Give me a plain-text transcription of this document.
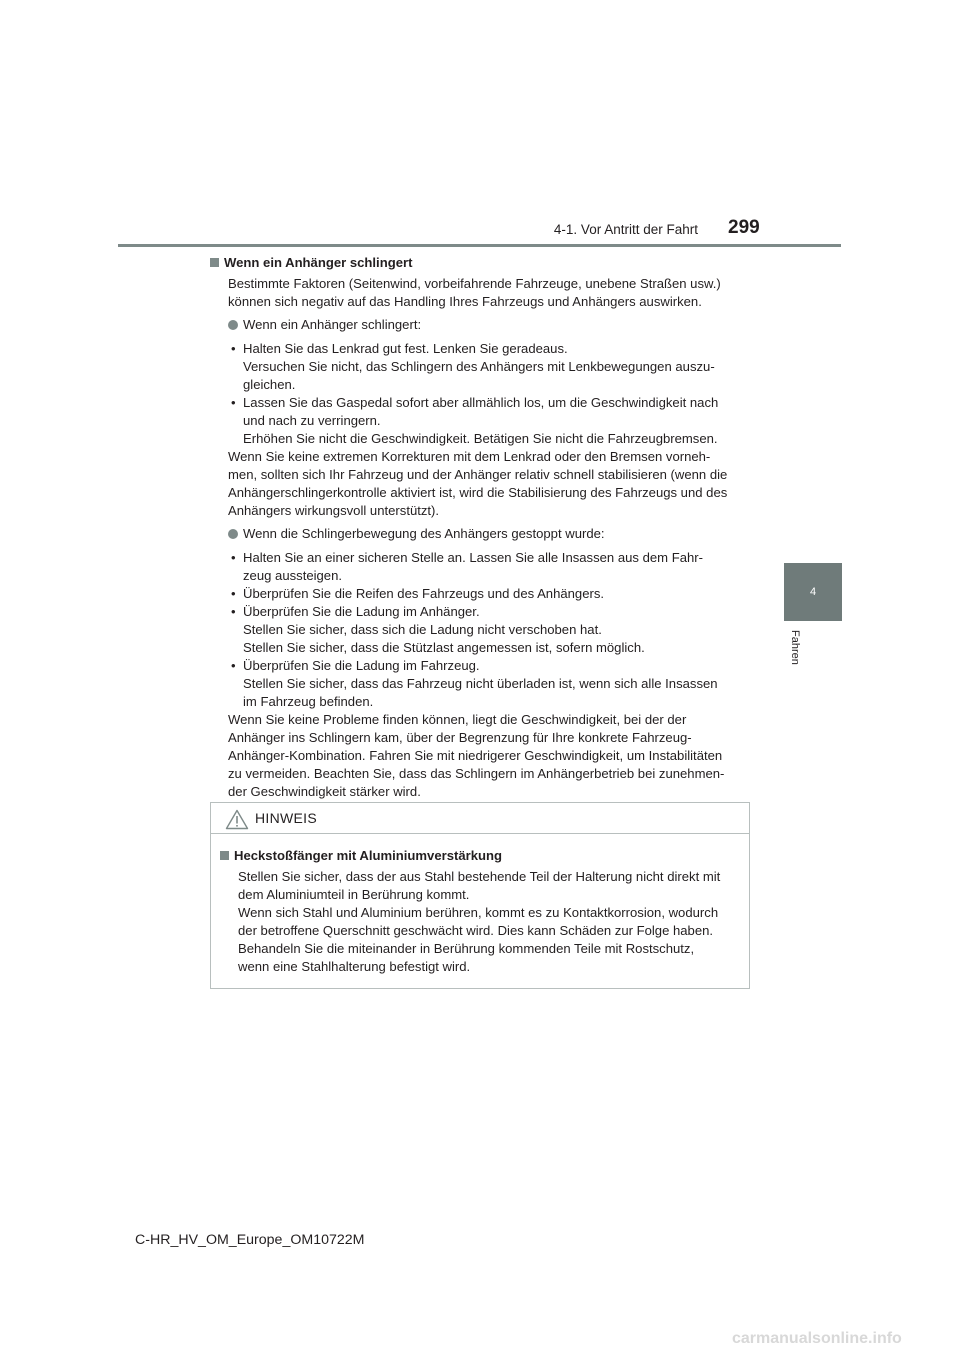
4-1. Vor Antritt der Fahrt 299
4
Fahren
Wenn ein Anhänger schlingert
Bestimmte Faktoren (Seitenwind, vorbeifahrende Fahrzeuge, unebene Straßen usw.)
können sich negativ auf das Handling Ihres Fahrzeugs und Anhängers auswirken.
Wenn ein Anhänger schlingert:
• Halten Sie das Lenkrad gut fest. Lenken Sie geradeaus.
Versuchen Sie nicht, das Schlingern des Anhängers mit Lenkbewegungen auszu-
gleichen.
• Lassen Sie das Gaspedal sofort aber allmählich los, um die Geschwindigkeit nach
und nach zu verringern.
Erhöhen Sie nicht die Geschwindigkeit. Betätigen Sie nicht die Fahrzeugbremsen.
Wenn Sie keine extremen Korrekturen mit dem Lenkrad oder den Bremsen vorneh-
men, sollten sich Ihr Fahrzeug und der Anhänger relativ schnell stabilisieren (wenn die
Anhängerschlingerkontrolle aktiviert ist, wird die Stabilisierung des Fahrzeugs und des
Anhängers wirkungsvoll unterstützt).
Wenn die Schlingerbewegung des Anhängers gestoppt wurde:
• Halten Sie an einer sicheren Stelle an. Lassen Sie alle Insassen aus dem Fahr-
zeug aussteigen.
• Überprüfen Sie die Reifen des Fahrzeugs und des Anhängers.
• Überprüfen Sie die Ladung im Anhänger.
Stellen Sie sicher, dass sich die Ladung nicht verschoben hat.
Stellen Sie sicher, dass die Stützlast angemessen ist, sofern möglich.
• Überprüfen Sie die Ladung im Fahrzeug.
Stellen Sie sicher, dass das Fahrzeug nicht überladen ist, wenn sich alle Insassen
im Fahrzeug befinden.
Wenn Sie keine Probleme finden können, liegt die Geschwindigkeit, bei der der
Anhänger ins Schlingern kam, über der Begrenzung für Ihre konkrete Fahrzeug-
Anhänger-Kombination. Fahren Sie mit niedrigerer Geschwindigkeit, um Instabilitäten
zu vermeiden. Beachten Sie, dass das Schlingern im Anhängerbetrieb bei zunehmen-
der Geschwindigkeit stärker wird.
HINWEIS
Heckstoßfänger mit Aluminiumverstärkung
Stellen Sie sicher, dass der aus Stahl bestehende Teil der Halterung nicht direkt mit
dem Aluminiumteil in Berührung kommt.
Wenn sich Stahl und Aluminium berühren, kommt es zu Kontaktkorrosion, wodurch
der betroffene Querschnitt geschwächt wird. Dies kann Schäden zur Folge haben.
Behandeln Sie die miteinander in Berührung kommenden Teile mit Rostschutz,
wenn eine Stahlhalterung befestigt wird.
C-HR_HV_OM_Europe_OM10722M
carmanualsonline.info
